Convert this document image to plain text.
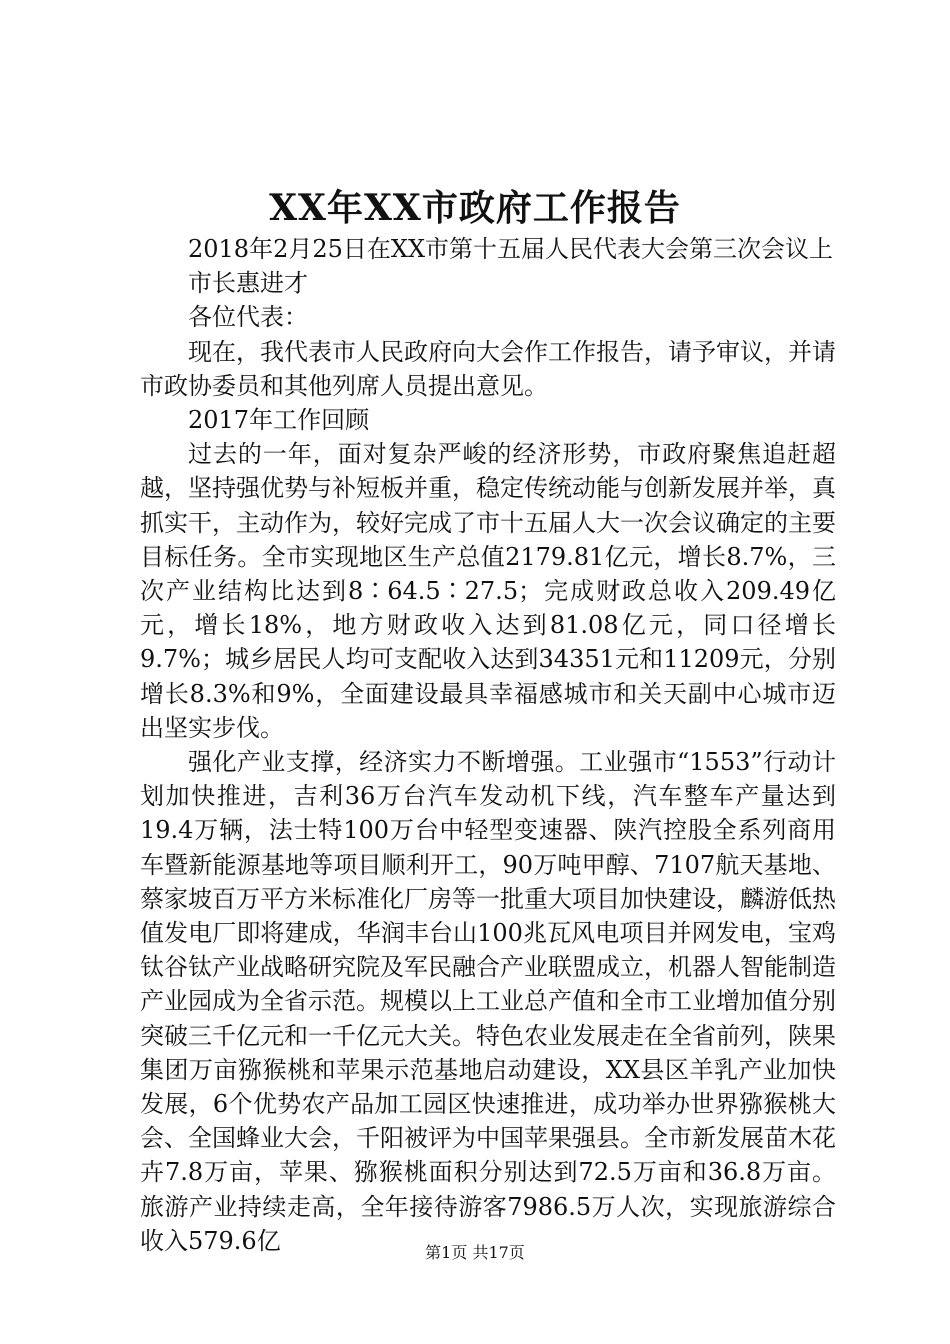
XX年XX市政府工作报告

2018年2月25日在XX市第十五届人民代表大会第三次会议上

市长惠进才

各位代表：

现在，我代表市人民政府向大会作工作报告，请予审议，并请市政协委员和其他列席人员提出意见。

2017年工作回顾

过去的一年，面对复杂严峻的经济形势，市政府聚焦追赶超越，坚持强优势与补短板并重，稳定传统动能与创新发展并举，真抓实干，主动作为，较好完成了市十五届人大一次会议确定的主要目标任务。全市实现地区生产总值2179.81亿元，增长8.7%，三次产业结构比达到8∶64.5∶27.5；完成财政总收入209.49亿元，增长18%，地方财政收入达到81.08亿元，同口径增长9.7%；城乡居民人均可支配收入达到34351元和11209元，分别增长8.3%和9%，全面建设最具幸福感城市和关天副中心城市迈出坚实步伐。

强化产业支撑，经济实力不断增强。工业强市“1553”行动计划加快推进，吉利36万台汽车发动机下线，汽车整车产量达到19.4万辆，法士特100万台中轻型变速器、陕汽控股全系列商用车暨新能源基地等项目顺利开工，90万吨甲醇、7107航天基地、蔡家坡百万平方米标准化厂房等一批重大项目加快建设，麟游低热值发电厂即将建成，华润丰台山100兆瓦风电项目并网发电，宝鸡钛谷钛产业战略研究院及军民融合产业联盟成立，机器人智能制造产业园成为全省示范。规模以上工业总产值和全市工业增加值分别突破三千亿元和一千亿元大关。特色农业发展走在全省前列，陕果集团万亩猕猴桃和苹果示范基地启动建设，XX县区羊乳产业加快发展，6个优势农产品加工园区快速推进，成功举办世界猕猴桃大会、全国蜂业大会，千阳被评为中国苹果强县。全市新发展苗木花卉7.8万亩，苹果、猕猴桃面积分别达到72.5万亩和36.8万亩。旅游产业持续走高，全年接待游客7986.5万人次，实现旅游综合收入579.6亿	第1页 共17页
